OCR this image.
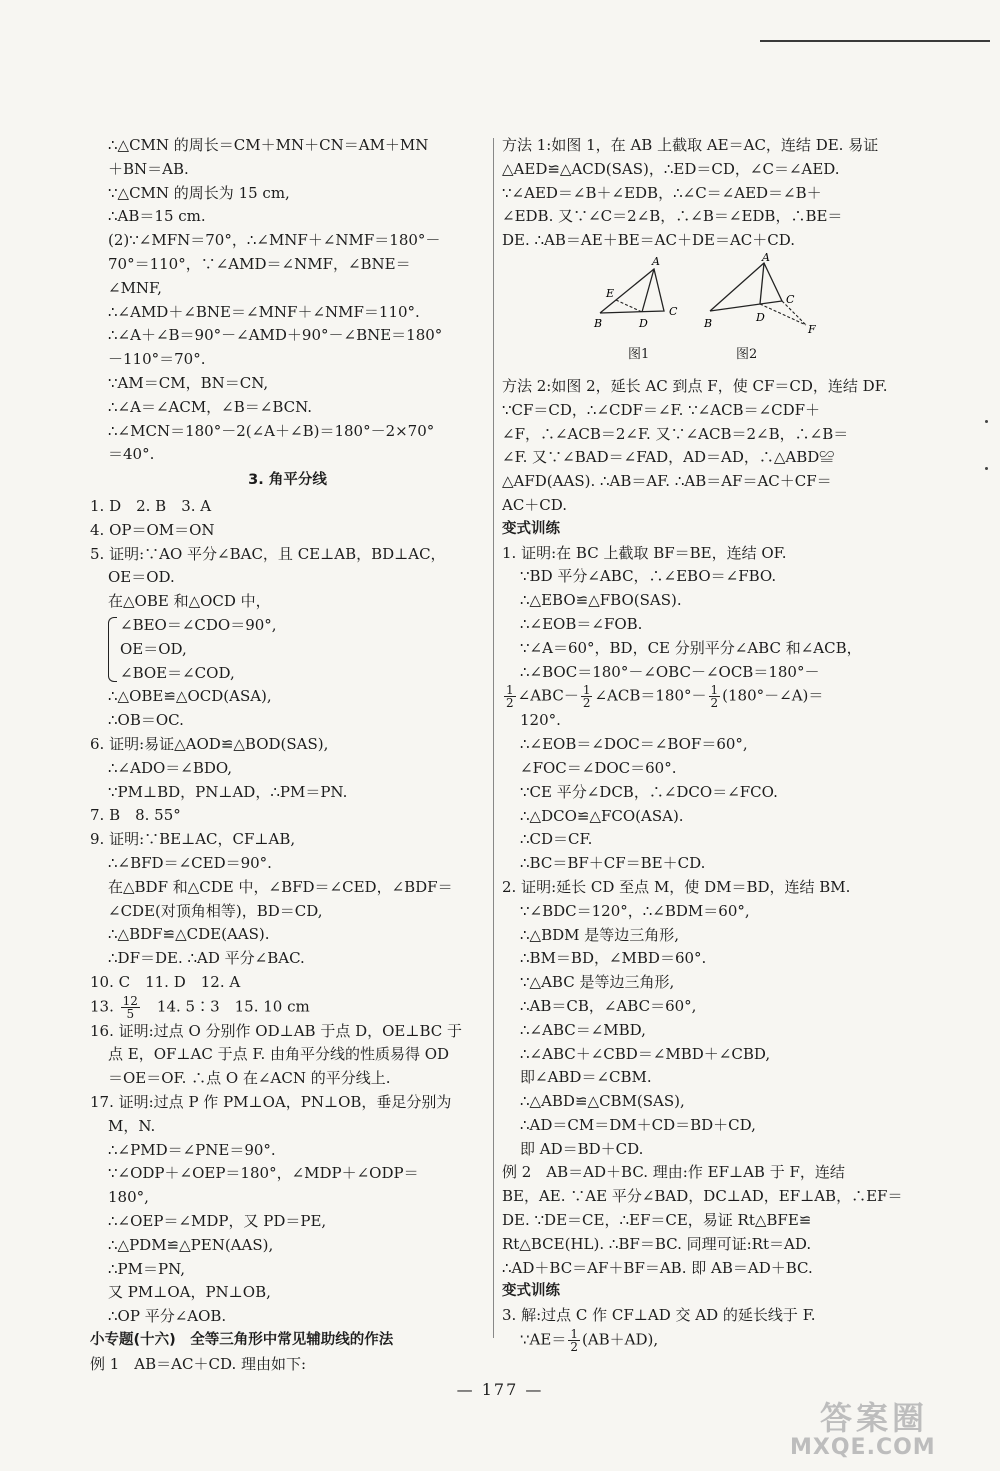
∴△CMN 的周长＝CM＋MN＋CN＝AM＋MN
＋BN＝AB.
∵△CMN 的周长为 15 cm,
∴AB＝15 cm.
(2)∵∠MFN＝70°，∴∠MNF＋∠NMF＝180°－
70°＝110°，∵∠AMD＝∠NMF，∠BNE＝
∠MNF,
∴∠AMD＋∠BNE＝∠MNF＋∠NMF＝110°.
∴∠A＋∠B＝90°－∠AMD＋90°－∠BNE＝180°
－110°＝70°.
∵AM＝CM，BN＝CN,
∴∠A＝∠ACM，∠B＝∠BCN.
∴∠MCN＝180°－2(∠A＋∠B)＝180°－2×70°
＝40°.
3. 角平分线
1. D　2. B　3. A
4. OP＝OM＝ON
5. 证明:∵AO 平分∠BAC，且 CE⊥AB，BD⊥AC，
OE＝OD.
在△OBE 和△OCD 中，
∠BEO＝∠CDO＝90°,
OE＝OD,
∠BOE＝∠COD,
∴△OBE≌△OCD(ASA),
∴OB＝OC.
6. 证明:易证△AOD≌△BOD(SAS),
∴∠ADO＝∠BDO,
∵PM⊥BD，PN⊥AD，∴PM＝PN.
7. B　8. 55°
9. 证明:∵BE⊥AC，CF⊥AB,
∴∠BFD＝∠CED＝90°.
在△BDF 和△CDE 中，∠BFD＝∠CED，∠BDF＝
∠CDE(对顶角相等)，BD＝CD,
∴△BDF≌△CDE(AAS).
∴DF＝DE. ∴AD 平分∠BAC.
10. C　11. D　12. A
13. $\frac{12}{5}$ 　14. 5∶3　15. 10 cm
16. 证明:过点 O 分别作 OD⊥AB 于点 D，OE⊥BC 于
点 E，OF⊥AC 于点 F. 由角平分线的性质易得 OD
＝OE＝OF. ∴点 O 在∠ACN 的平分线上.
17. 证明:过点 P 作 PM⊥OA，PN⊥OB，垂足分别为
M，N.
∴∠PMD＝∠PNE＝90°.
∵∠ODP＋∠OEP＝180°，∠MDP＋∠ODP＝
180°,
∴∠OEP＝∠MDP，又 PD＝PE,
∴△PDM≌△PEN(AAS),
∴PM＝PN,
又 PM⊥OA，PN⊥OB,
∴OP 平分∠AOB.
小专题(十六)　全等三角形中常见辅助线的作法
例 1　AB＝AC＋CD. 理由如下:
方法 1:如图 1，在 AB 上截取 AE＝AC，连结 DE. 易证
△AED≌△ACD(SAS)，∴ED＝CD，∠C＝∠AED.
∵∠AED＝∠B＋∠EDB，∴∠C＝∠AED＝∠B＋
∠EDB. 又∵∠C＝2∠B，∴∠B＝∠EDB，∴BE＝
DE. ∴AB＝AE＋BE＝AC＋DE＝AC＋CD.
A
B
C
D
E
图1
A
B
C
D
F
图2
方法 2:如图 2，延长 AC 到点 F，使 CF＝CD，连结 DF.
∵CF＝CD，∴∠CDF＝∠F. ∵∠ACB＝∠CDF＋
∠F，∴∠ACB＝2∠F. 又∵∠ACB＝2∠B，∴∠B＝
∠F. 又∵∠BAD＝∠FAD，AD＝AD，∴△ABD≌
△AFD(AAS). ∴AB＝AF. ∴AB＝AF＝AC＋CF＝
AC＋CD.
变式训练
1. 证明:在 BC 上截取 BF＝BE，连结 OF.
∵BD 平分∠ABC，∴∠EBO＝∠FBO.
∴△EBO≌△FBO(SAS).
∴∠EOB＝∠FOB.
∵∠A＝60°，BD，CE 分别平分∠ABC 和∠ACB，
∴∠BOC＝180°－∠OBC－∠OCB＝180°－
$\frac{1}{2}$ ∠ABC－ $\frac{1}{2}$ ∠ACB＝180°－ $\frac{1}{2}$ (180°－∠A)＝
120°.
∴∠EOB＝∠DOC＝∠BOF＝60°,
∠FOC＝∠DOC＝60°.
∵CE 平分∠DCB，∴∠DCO＝∠FCO.
∴△DCO≌△FCO(ASA).
∴CD＝CF.
∴BC＝BF＋CF＝BE＋CD.
2. 证明:延长 CD 至点 M，使 DM＝BD，连结 BM.
∵∠BDC＝120°，∴∠BDM＝60°,
∴△BDM 是等边三角形,
∴BM＝BD，∠MBD＝60°.
∵△ABC 是等边三角形,
∴AB＝CB，∠ABC＝60°,
∴∠ABC＝∠MBD,
∴∠ABC＋∠CBD＝∠MBD＋∠CBD,
即∠ABD＝∠CBM.
∴△ABD≌△CBM(SAS),
∴AD＝CM＝DM＋CD＝BD＋CD,
即 AD＝BD＋CD.
例 2　AB＝AD＋BC. 理由:作 EF⊥AB 于 F，连结
BE，AE. ∵AE 平分∠BAD，DC⊥AD，EF⊥AB，∴EF＝
DE. ∵DE＝CE，∴EF＝CE，易证 Rt△BFE≌
Rt△BCE(HL). ∴BF＝BC. 同理可证:Rt＝AD.
∴AD＋BC＝AF＋BF＝AB. 即 AB＝AD＋BC.
变式训练
3. 解:过点 C 作 CF⊥AD 交 AD 的延长线于 F.
∵AE＝ $\frac{1}{2} (AB+AD)$,
— 177 —
答案圈
MXQE.COM
